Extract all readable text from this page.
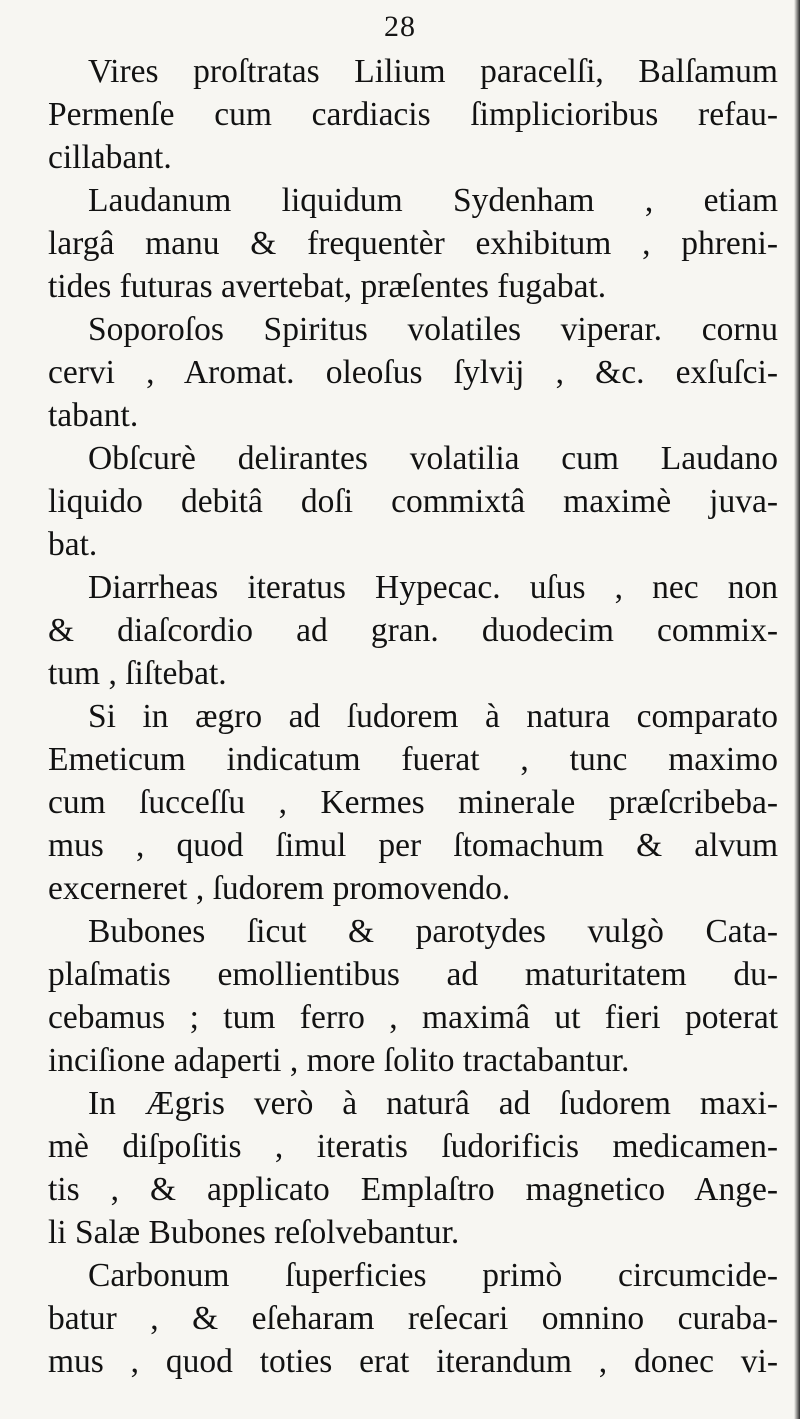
28

Vires proſtratas Lilium paracelſi, Balſamum
Permenſe cum cardiacis ſimplicioribus refau-
cillabant.

Laudanum liquidum Sydenham , etiam
largâ manu & frequentèr exhibitum , phreni-
tides futuras avertebat, præſentes fugabat.

Soporoſos Spiritus volatiles viperar. cornu
cervi , Aromat. oleoſus ſylvij , &c. exſuſci-
tabant.

Obſcurè delirantes volatilia cum Laudano
liquido debitâ doſi commixtâ maximè juva-
bat.

Diarrheas iteratus Hypecac. uſus , nec non
& diaſcordio ad gran. duodecim commix-
tum , ſiſtebat.

Si in ægro ad ſudorem à natura comparato
Emeticum indicatum fuerat , tunc maximo
cum ſucceſſu , Kermes minerale præſcribeba-
mus , quod ſimul per ſtomachum & alvum
excerneret , ſudorem promovendo.

Bubones ſicut & parotydes vulgò Cata-
plaſmatis emollientibus ad maturitatem du-
cebamus ; tum ferro , maximâ ut fieri poterat
inciſione adaperti , more ſolito tractabantur.

In Ægris verò à naturâ ad ſudorem maxi-
mè diſpoſitis , iteratis ſudorificis medicamen-
tis , & applicato Emplaſtro magnetico Ange-
li Salæ Bubones reſolvebantur.

Carbonum ſuperficies primò circumcide-
batur , & eſeharam reſecari omnino curaba-
mus , quod toties erat iterandum , donec vi-
